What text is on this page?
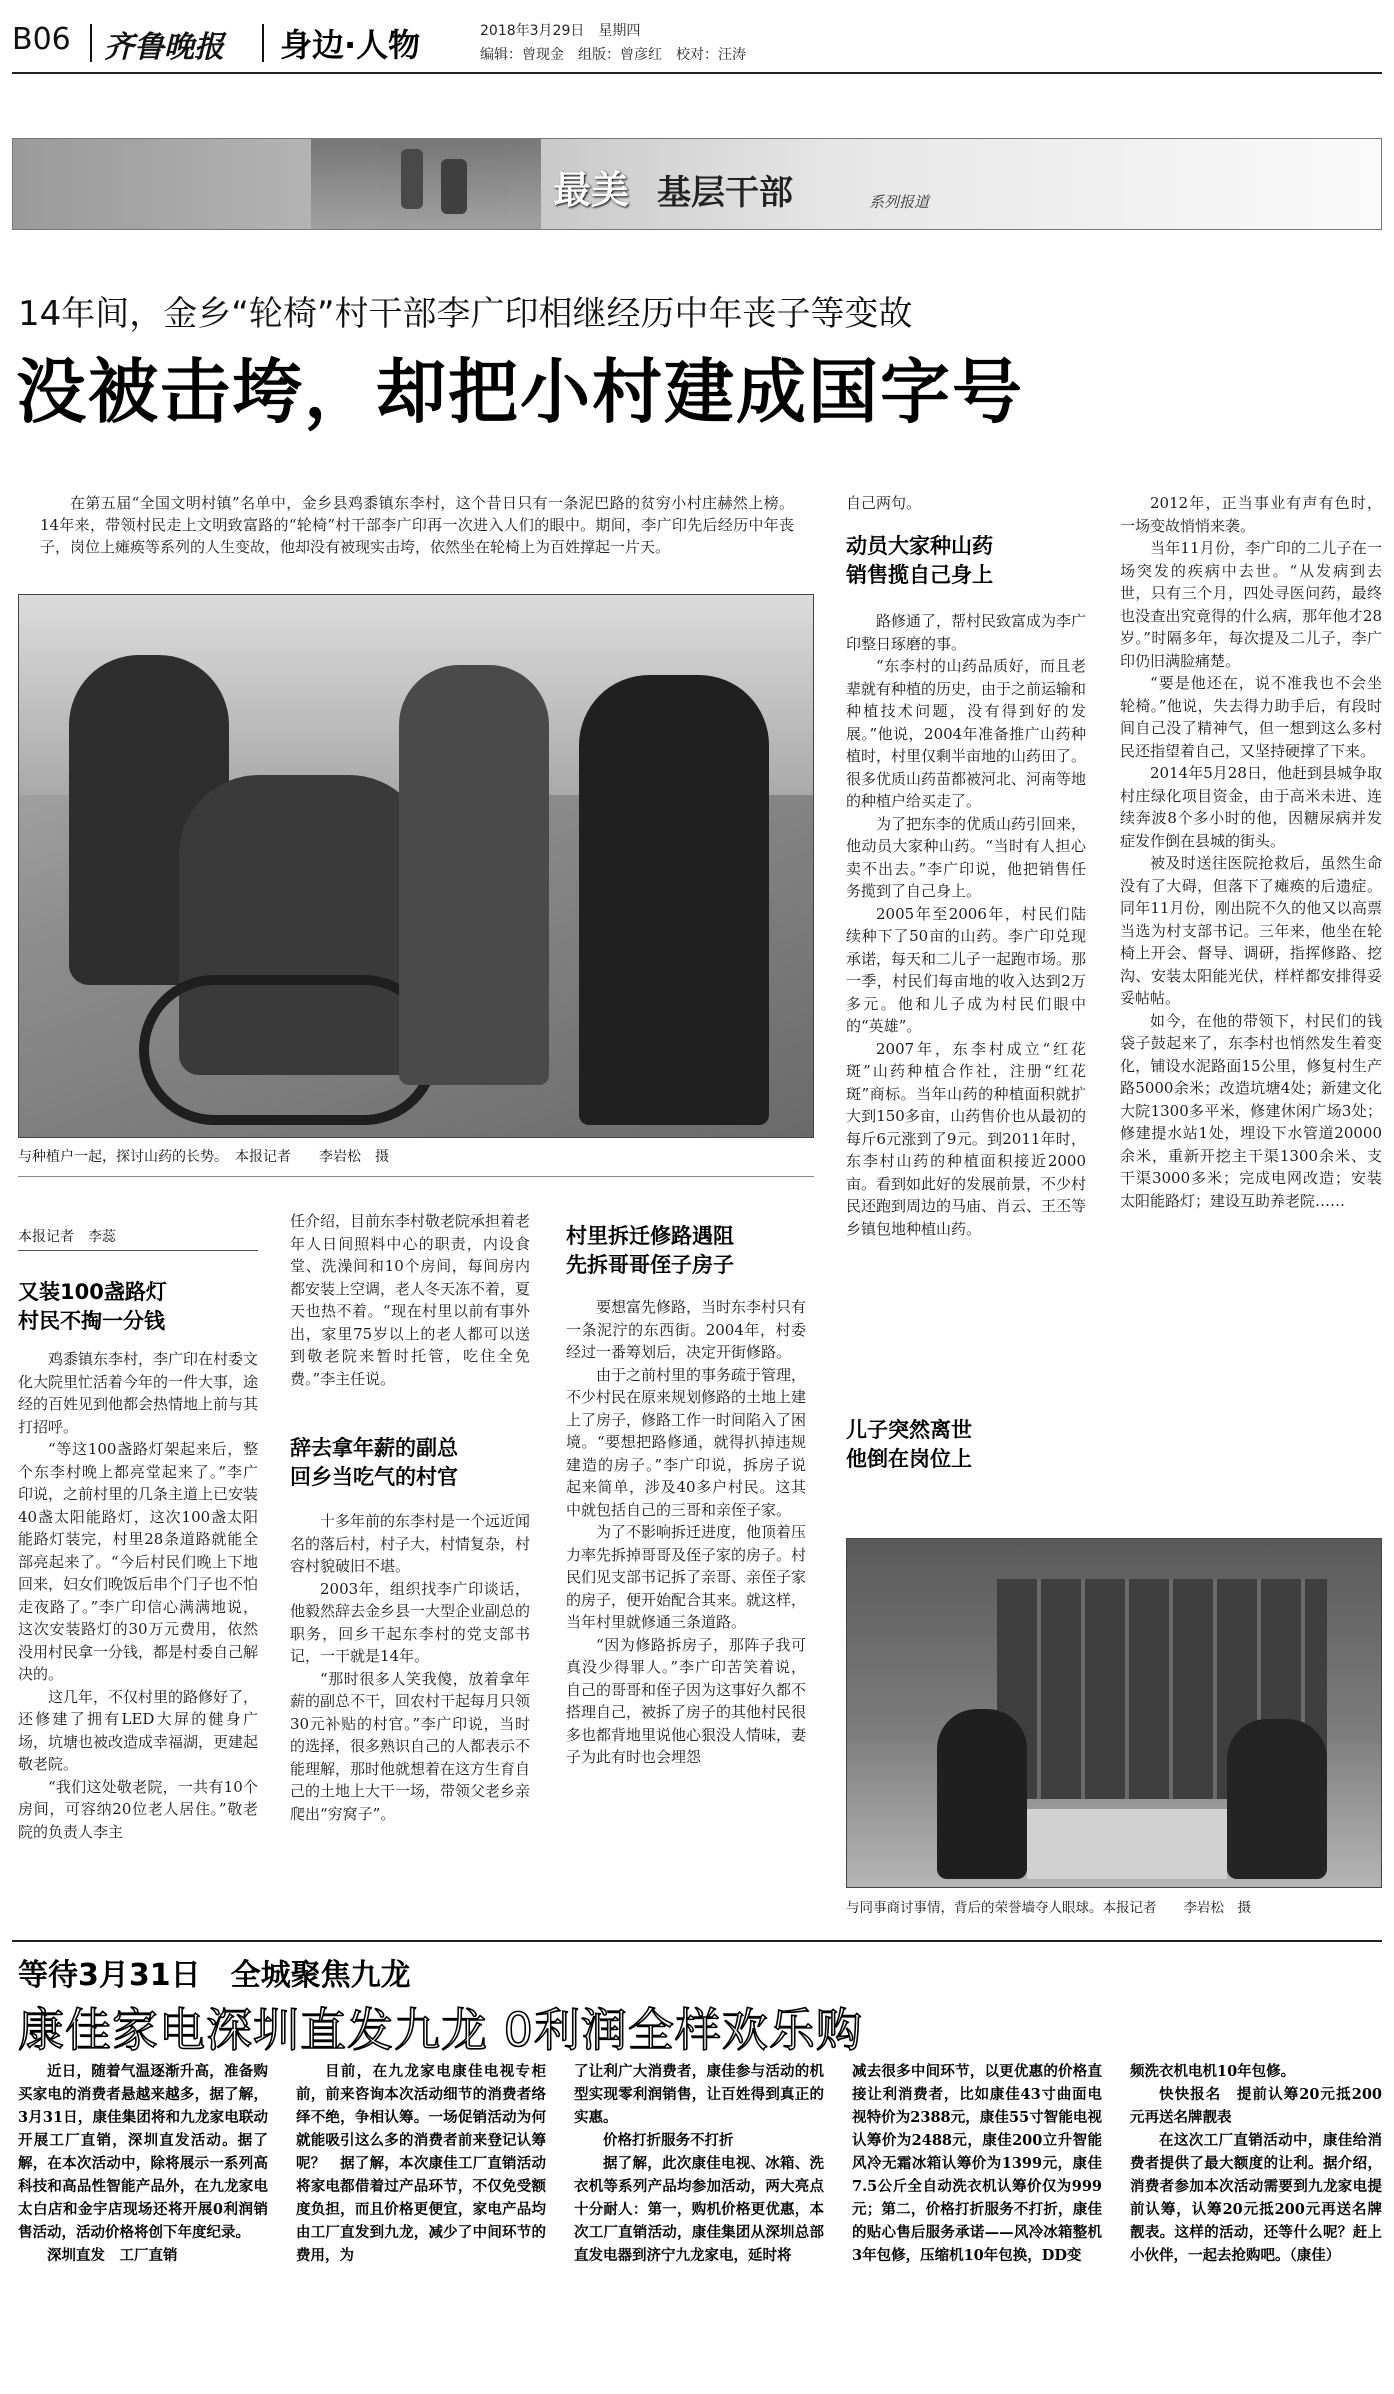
B06 齐鲁晚报 身边·人物	2018年3月29日　星期四
编辑：曾现金　组版：曾彦红　校对：汪涛
最美 基层干部	系列报道
14年间，金乡“轮椅”村干部李广印相继经历中年丧子等变故
没被击垮，却把小村建成国字号

在第五届“全国文明村镇”名单中，金乡县鸡黍镇东李村，这个昔日只有一条泥巴路的贫穷小村庄赫然上榜。14年来，带领村民走上文明致富路的“轮椅”村干部李广印再一次进入人们的眼中。期间，李广印先后经历中年丧子，岗位上瘫痪等系列的人生变故，他却没有被现实击垮，依然坐在轮椅上为百姓撑起一片天。

与种植户一起，探讨山药的长势。　本报记者　　李岩松　摄
本报记者　李蕊
又装100盏路灯
村民不掏一分钱

鸡黍镇东李村，李广印在村委文化大院里忙活着今年的一件大事，途经的百姓见到他都会热情地上前与其打招呼。

“等这100盏路灯架起来后，整个东李村晚上都亮堂起来了。”李广印说，之前村里的几条主道上已安装40盏太阳能路灯，这次100盏太阳能路灯装完，村里28条道路就能全部亮起来了。“今后村民们晚上下地回来，妇女们晚饭后串个门子也不怕走夜路了。”李广印信心满满地说，这次安装路灯的30万元费用，依然没用村民拿一分钱，都是村委自己解决的。

这几年，不仅村里的路修好了，还修建了拥有LED大屏的健身广场，坑塘也被改造成幸福湖，更建起敬老院。

“我们这处敬老院，一共有10个房间，可容纳20位老人居住。”敬老院的负责人李主

任介绍，目前东李村敬老院承担着老年人日间照料中心的职责，内设食堂、洗澡间和10个房间，每间房内都安装上空调，老人冬天冻不着，夏天也热不着。“现在村里以前有事外出，家里75岁以上的老人都可以送到敬老院来暂时托管，吃住全免费。”李主任说。

辞去拿年薪的副总
回乡当吃气的村官

十多年前的东李村是一个远近闻名的落后村，村子大，村情复杂，村容村貌破旧不堪。

2003年，组织找李广印谈话，他毅然辞去金乡县一大型企业副总的职务，回乡干起东李村的党支部书记，一干就是14年。

“那时很多人笑我傻，放着拿年薪的副总不干，回农村干起每月只领30元补贴的村官。”李广印说，当时的选择，很多熟识自己的人都表示不能理解，那时他就想着在这方生育自己的土地上大干一场，带领父老乡亲爬出“穷窝子”。

村里拆迁修路遇阻
先拆哥哥侄子房子

要想富先修路，当时东李村只有一条泥泞的东西街。2004年，村委经过一番筹划后，决定开街修路。

由于之前村里的事务疏于管理，不少村民在原来规划修路的土地上建上了房子，修路工作一时间陷入了困境。“要想把路修通，就得扒掉违规建造的房子。”李广印说，拆房子说起来简单，涉及40多户村民。这其中就包括自己的三哥和亲侄子家。

为了不影响拆迁进度，他顶着压力率先拆掉哥哥及侄子家的房子。村民们见支部书记拆了亲哥、亲侄子家的房子，便开始配合其来。就这样，当年村里就修通三条道路。

“因为修路拆房子，那阵子我可真没少得罪人。”李广印苦笑着说，自己的哥哥和侄子因为这事好久都不搭理自己，被拆了房子的其他村民很多也都背地里说他心狠没人情味，妻子为此有时也会埋怨

自己两句。
动员大家种山药
销售揽自己身上

路修通了，帮村民致富成为李广印整日琢磨的事。

“东李村的山药品质好，而且老辈就有种植的历史，由于之前运输和种植技术问题，没有得到好的发展。”他说，2004年准备推广山药种植时，村里仅剩半亩地的山药田了。很多优质山药苗都被河北、河南等地的种植户给买走了。

为了把东李的优质山药引回来，他动员大家种山药。“当时有人担心卖不出去。”李广印说，他把销售任务揽到了自己身上。

2005年至2006年，村民们陆续种下了50亩的山药。李广印兑现承诺，每天和二儿子一起跑市场。那一季，村民们每亩地的收入达到2万多元。他和儿子成为村民们眼中的“英雄”。

2007年，东李村成立“红花斑”山药种植合作社，注册“红花斑”商标。当年山药的种植面积就扩大到150多亩，山药售价也从最初的每斤6元涨到了9元。到2011年时，东李村山药的种植面积接近2000亩。看到如此好的发展前景，不少村民还跑到周边的马庙、肖云、王丕等乡镇包地种植山药。

儿子突然离世
他倒在岗位上

2012年，正当事业有声有色时，一场变故悄悄来袭。

当年11月份，李广印的二儿子在一场突发的疾病中去世。“从发病到去世，只有三个月，四处寻医问药，最终也没查出究竟得的什么病，那年他才28岁。”时隔多年，每次提及二儿子，李广印仍旧满脸痛楚。

“要是他还在，说不准我也不会坐轮椅。”他说，失去得力助手后，有段时间自己没了精神气，但一想到这么多村民还指望着自己，又坚持硬撑了下来。

2014年5月28日，他赶到县城争取村庄绿化项目资金，由于高米未进、连续奔波8个多小时的他，因糖尿病并发症发作倒在县城的街头。

被及时送往医院抢救后，虽然生命没有了大碍，但落下了瘫痪的后遗症。同年11月份，刚出院不久的他又以高票当选为村支部书记。三年来，他坐在轮椅上开会、督导、调研，指挥修路、挖沟、安装太阳能光伏，样样都安排得妥妥帖帖。

如今，在他的带领下，村民们的钱袋子鼓起来了，东李村也悄然发生着变化，铺设水泥路面15公里，修复村生产路5000余米；改造坑塘4处；新建文化大院1300多平米，修建休闲广场3处；修建提水站1处，埋设下水管道20000余米，重新开挖主干渠1300余米、支干渠3000多米；完成电网改造；安装太阳能路灯；建设互助养老院……

与同事商讨事情，背后的荣誉墙夺人眼球。本报记者　　李岩松　摄
等待3月31日　全城聚焦九龙
康佳家电深圳直发九龙 0利润全样欢乐购

近日，随着气温逐渐升高，准备购买家电的消费者悬越来越多，据了解，3月31日，康佳集团将和九龙家电联动开展工厂直销，深圳直发活动。据了解，在本次活动中，除将展示一系列高科技和高品性智能产品外，在九龙家电太白店和金宇店现场还将开展0利润销售活动，活动价格将创下年度纪录。

深圳直发　工厂直销

目前，在九龙家电康佳电视专柜前，前来咨询本次活动细节的消费者络绎不绝，争相认筹。一场促销活动为何就能吸引这么多的消费者前来登记认筹呢？　据了解，本次康佳工厂直销活动将家电都借着过产品环节，不仅免受额度负担，而且价格更便宜，家电产品均由工厂直发到九龙，减少了中间环节的费用，为

了让利广大消费者，康佳参与活动的机型实现零利润销售，让百姓得到真正的实惠。

价格打折服务不打折

据了解，此次康佳电视、冰箱、洗衣机等系列产品均参加活动，两大亮点十分耐人：第一，购机价格更优惠，本次工厂直销活动，康佳集团从深圳总部直发电器到济宁九龙家电，延时将

减去很多中间环节，以更优惠的价格直接让利消费者，比如康佳43寸曲面电视特价为2388元，康佳55寸智能电视认筹价为2488元，康佳200立升智能风冷无霜冰箱认筹价为1399元，康佳7.5公斤全自动洗衣机认筹价仅为999元；第二，价格打折服务不打折，康佳的贴心售后服务承诺——风冷冰箱整机3年包修，压缩机10年包换，DD变

频洗衣机电机10年包修。

快快报名　提前认筹20元抵200元再送名牌靓表

在这次工厂直销活动中，康佳给消费者提供了最大额度的让利。据介绍，消费者参加本次活动需要到九龙家电提前认筹，认筹20元抵200元再送名牌靓表。这样的活动，还等什么呢？赶上小伙伴，一起去抢购吧。（康佳）
